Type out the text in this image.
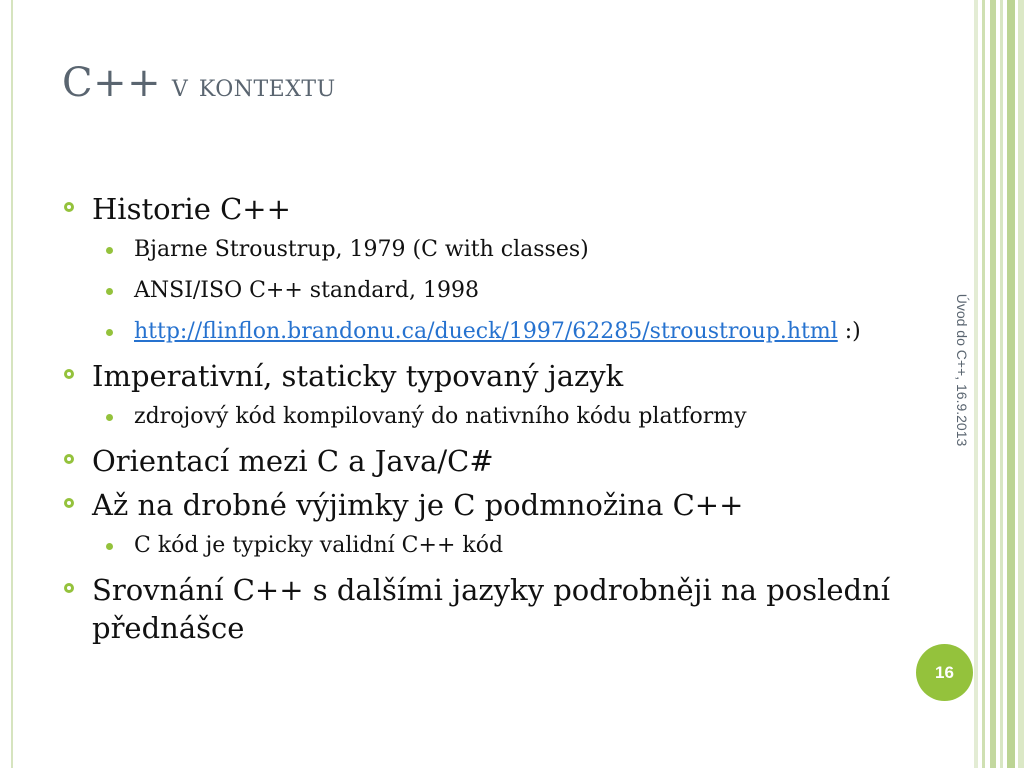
C++ v kontextu
Historie C++
Bjarne Stroustrup, 1979 (C with classes)
ANSI/ISO C++ standard, 1998
http://flinflon.brandonu.ca/dueck/1997/62285/stroustroup.html :)
Imperativní, staticky typovaný jazyk
zdrojový kód kompilovaný do nativního kódu platformy
Orientací mezi C a Java/C#
Až na drobné výjimky je C podmnožina C++
C kód je typicky validní C++ kód
Srovnání C++ s dalšími jazyky podrobněji na poslední přednášce
Úvod do C++, 16.9.2013
16
